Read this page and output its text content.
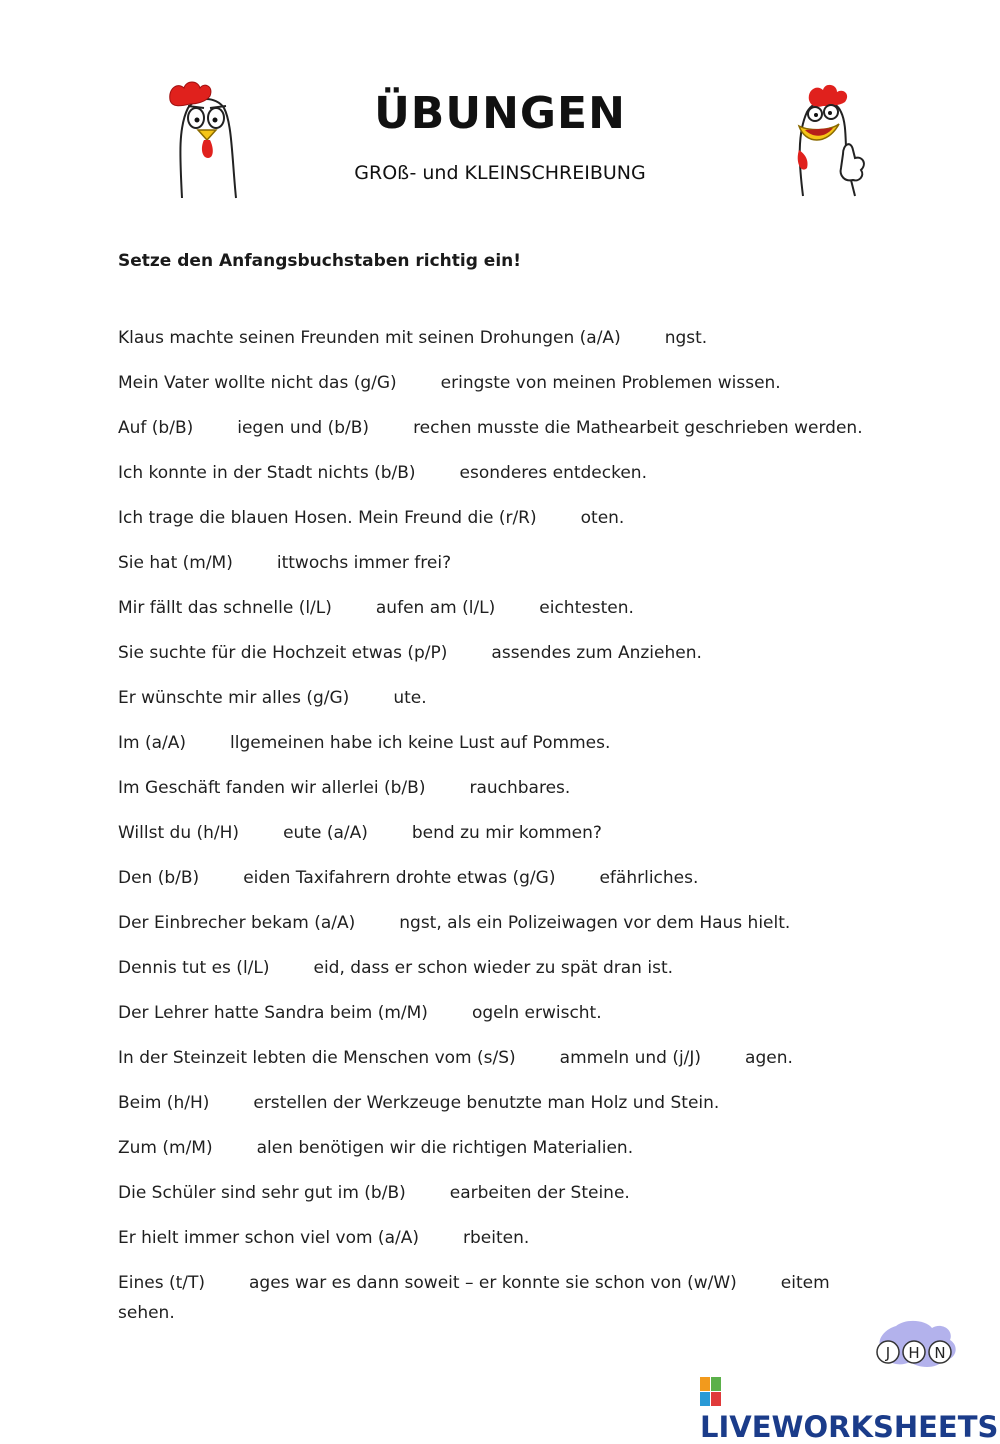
ÜBUNGEN
GROß- und KLEINSCHREIBUNG
Setze den Anfangsbuchstaben richtig ein!
Klaus machte seinen Freunden mit seinen Drohungen (a/A)	ngst.
Mein Vater wollte nicht das (g/G)	eringste von meinen Problemen wissen.
Auf (b/B)	iegen und (b/B)	rechen musste die Mathearbeit geschrieben werden.
Ich konnte in der Stadt nichts (b/B)	esonderes entdecken.
Ich trage die blauen Hosen. Mein Freund die (r/R)	oten.
Sie hat (m/M)	ittwochs immer frei?
Mir fällt das schnelle (l/L)	aufen am (l/L)	eichtesten.
Sie suchte für die Hochzeit etwas (p/P)	assendes zum Anziehen.
Er wünschte mir alles (g/G)	ute.
Im (a/A)	llgemeinen habe ich keine Lust auf Pommes.
Im Geschäft fanden wir allerlei (b/B)	rauchbares.
Willst du (h/H)	eute (a/A)	bend zu mir kommen?
Den (b/B)	eiden Taxifahrern drohte etwas (g/G)	efährliches.
Der Einbrecher bekam (a/A)	ngst, als ein Polizeiwagen vor dem Haus hielt.
Dennis tut es (l/L)	eid, dass er schon wieder zu spät dran ist.
Der Lehrer hatte Sandra beim (m/M)	ogeln erwischt.
In der Steinzeit lebten die Menschen vom (s/S)	ammeln und (j/J)	agen.
Beim (h/H)	erstellen der Werkzeuge benutzte man Holz und Stein.
Zum (m/M)	alen benötigen wir die richtigen Materialien.
Die Schüler sind sehr gut im (b/B)	earbeiten der Steine.
Er hielt immer schon viel vom (a/A)	rbeiten.
Eines (t/T)	ages war es dann soweit – er konnte sie schon von (w/W)	eitem
sehen.
J H N
LIVEWORKSHEETS
